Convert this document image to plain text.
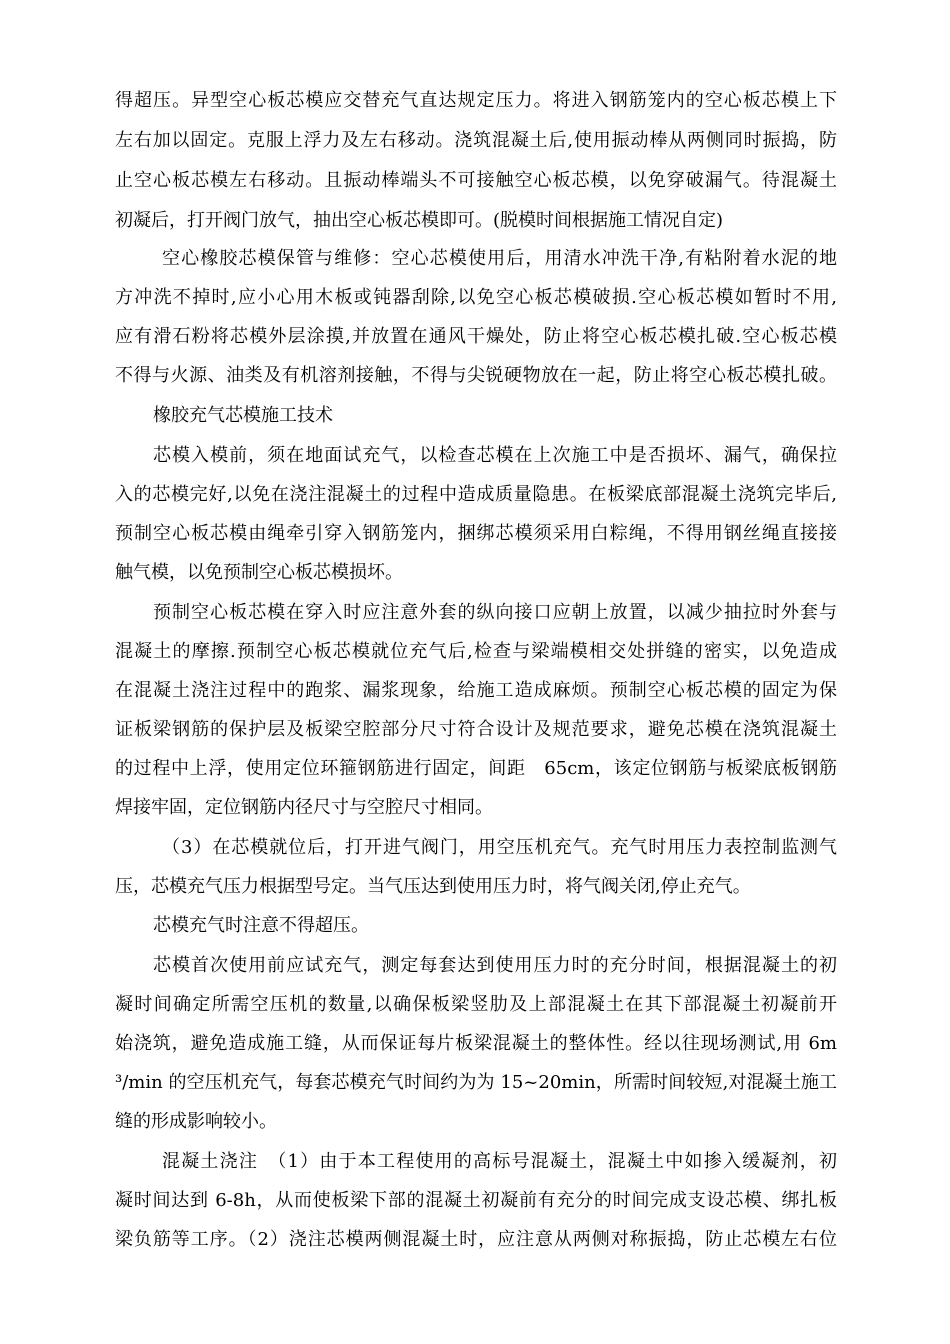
得超压。异型空心板芯模应交替充气直达规定压力。将进入钢筋笼内的空心板芯模上下
左右加以固定。克服上浮力及左右移动。浇筑混凝土后,使用振动棒从两侧同时振捣，防
止空心板芯模左右移动。且振动棒端头不可接触空心板芯模，以免穿破漏气。待混凝土
初凝后，打开阀门放气，抽出空心板芯模即可。(脱模时间根据施工情况自定)
空心橡胶芯模保管与维修：空心芯模使用后，用清水冲洗干净,有粘附着水泥的地
方冲洗不掉时,应小心用木板或钝器刮除,以免空心板芯模破损.空心板芯模如暂时不用,
应有滑石粉将芯模外层涂摸,并放置在通风干燥处，防止将空心板芯模扎破.空心板芯模
不得与火源、油类及有机溶剂接触，不得与尖锐硬物放在一起，防止将空心板芯模扎破。
橡胶充气芯模施工技术
芯模入模前，须在地面试充气，以检查芯模在上次施工中是否损坏、漏气，确保拉
入的芯模完好,以免在浇注混凝土的过程中造成质量隐患。在板梁底部混凝土浇筑完毕后,
预制空心板芯模由绳牵引穿入钢筋笼内，捆绑芯模须采用白粽绳，不得用钢丝绳直接接
触气模，以免预制空心板芯模损坏。
预制空心板芯模在穿入时应注意外套的纵向接口应朝上放置，以减少抽拉时外套与
混凝土的摩擦.预制空心板芯模就位充气后,检查与梁端模相交处拼缝的密实，以免造成
在混凝土浇注过程中的跑浆、漏浆现象，给施工造成麻烦。预制空心板芯模的固定为保
证板梁钢筋的保护层及板梁空腔部分尺寸符合设计及规范要求，避免芯模在浇筑混凝土
的过程中上浮，使用定位环箍钢筋进行固定，间距　65cm，该定位钢筋与板梁底板钢筋
焊接牢固，定位钢筋内径尺寸与空腔尺寸相同。
（3）在芯模就位后，打开进气阀门，用空压机充气。充气时用压力表控制监测气
压，芯模充气压力根据型号定。当气压达到使用压力时，将气阀关闭,停止充气。
芯模充气时注意不得超压。
芯模首次使用前应试充气，测定每套达到使用压力时的充分时间，根据混凝土的初
凝时间确定所需空压机的数量,以确保板梁竖肋及上部混凝土在其下部混凝土初凝前开
始浇筑，避免造成施工缝，从而保证每片板梁混凝土的整体性。经以往现场测试,用 6m
³/min 的空压机充气，每套芯模充气时间约为为 15~20min，所需时间较短,对混凝土施工
缝的形成影响较小。
混凝土浇注　（1）由于本工程使用的高标号混凝土，混凝土中如掺入缓凝剂，初
凝时间达到 6-8h，从而使板梁下部的混凝土初凝前有充分的时间完成支设芯模、绑扎板
梁负筋等工序。（2）浇注芯模两侧混凝土时，应注意从两侧对称振捣，防止芯模左右位
